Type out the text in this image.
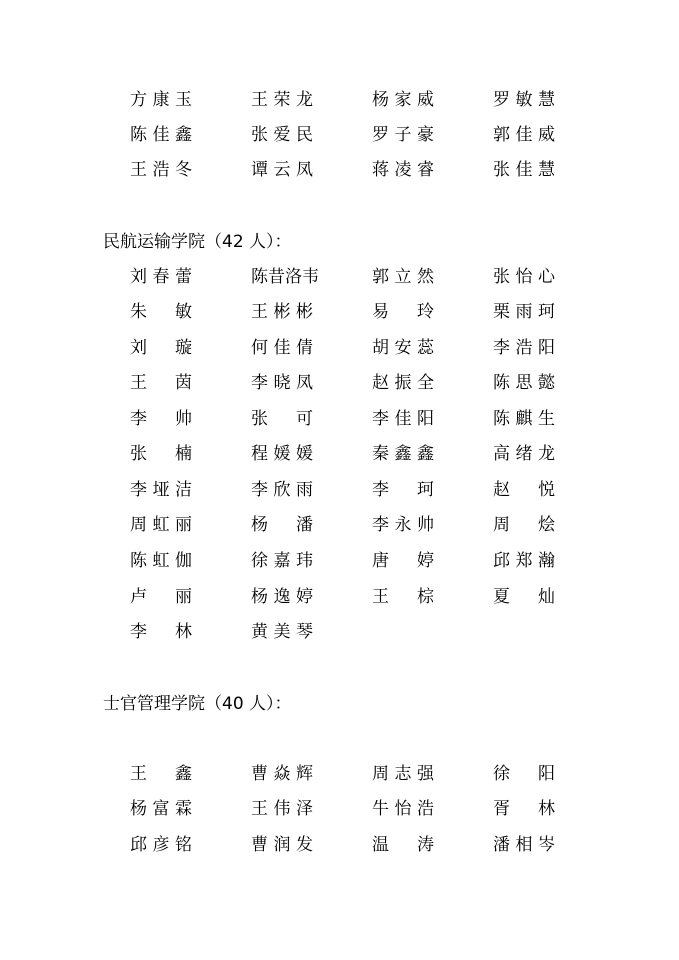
方康玉	王荣龙	杨家威	罗敏慧
陈佳鑫	张爱民	罗子豪	郭佳威
王浩冬	谭云凤	蒋凌睿	张佳慧
民航运输学院（42 人）：
刘春蕾	陈昔洛韦	郭立然	张怡心
朱　敏	王彬彬	易　玲	栗雨珂
刘　璇	何佳倩	胡安蕊	李浩阳
王　茵	李晓凤	赵振全	陈思懿
李　帅	张　可	李佳阳	陈麒生
张　楠	程媛媛	秦鑫鑫	高绪龙
李垭洁	李欣雨	李　珂	赵　悦
周虹丽	杨　潘	李永帅	周　烩
陈虹伽	徐嘉玮	唐　婷	邱郑瀚
卢　丽	杨逸婷	王　棕	夏　灿
李　林	黄美琴
士官管理学院（40 人）：
王　鑫	曹焱辉	周志强	徐　阳
杨富霖	王伟泽	牛怡浩	胥　林
邱彦铭	曹润发	温　涛	潘相岑
